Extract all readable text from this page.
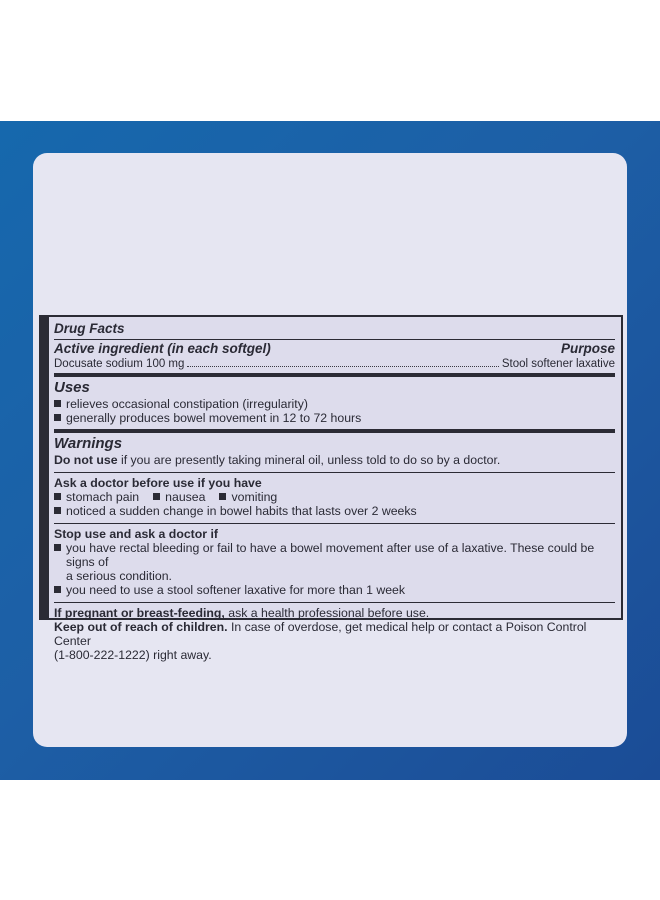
Drug Facts
Active ingredient (in each softgel)	Purpose
Docusate sodium 100 mg	Stool softener laxative
Uses
relieves occasional constipation (irregularity)
generally produces bowel movement in 12 to 72 hours
Warnings
Do not use if you are presently taking mineral oil, unless told to do so by a doctor.
Ask a doctor before use if you have
stomach pain nausea vomiting
noticed a sudden change in bowel habits that lasts over 2 weeks
Stop use and ask a doctor if
you have rectal bleeding or fail to have a bowel movement after use of a laxative. These could be signs of
a serious condition.
you need to use a stool softener laxative for more than 1 week
If pregnant or breast-feeding, ask a health professional before use.
Keep out of reach of children. In case of overdose, get medical help or contact a Poison Control Center
(1-800-222-1222) right away.
